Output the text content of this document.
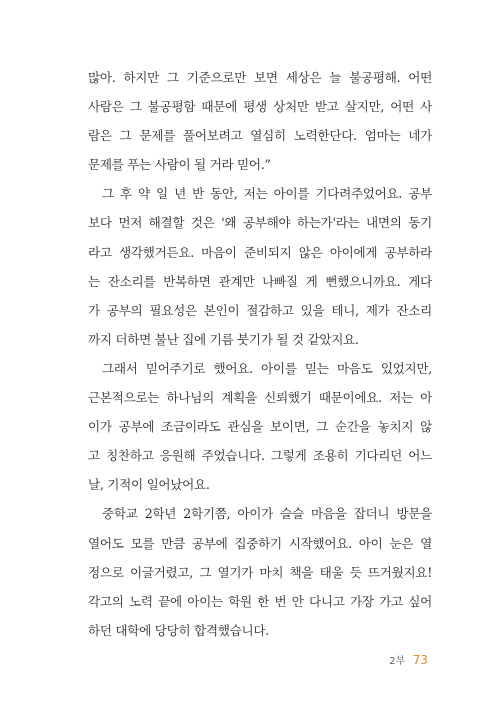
많아. 하지만 그 기준으로만 보면 세상은 늘 불공평해. 어떤
사람은 그 불공평함 때문에 평생 상처만 받고 살지만, 어떤 사
람은 그 문제를 풀어보려고 열심히 노력한단다. 엄마는 네가
문제를 푸는 사람이 될 거라 믿어.”
그 후 약 일 년 반 동안, 저는 아이를 기다려주었어요. 공부
보다 먼저 해결할 것은 '왜 공부해야 하는가'라는 내면의 동기
라고 생각했거든요. 마음이 준비되지 않은 아이에게 공부하라
는 잔소리를 반복하면 관계만 나빠질 게 뻔했으니까요. 게다
가 공부의 필요성은 본인이 절감하고 있을 테니, 제가 잔소리
까지 더하면 불난 집에 기름 붓기가 될 것 같았지요.
그래서 믿어주기로 했어요. 아이를 믿는 마음도 있었지만,
근본적으로는 하나님의 계획을 신뢰했기 때문이에요. 저는 아
이가 공부에 조금이라도 관심을 보이면, 그 순간을 놓치지 않
고 칭찬하고 응원해 주었습니다. 그렇게 조용히 기다리던 어느
날, 기적이 일어났어요.
중학교 2학년 2학기쯤, 아이가 슬슬 마음을 잡더니 방문을
열어도 모를 만큼 공부에 집중하기 시작했어요. 아이 눈은 열
정으로 이글거렸고, 그 열기가 마치 책을 태울 듯 뜨거웠지요!
각고의 노력 끝에 아이는 학원 한 번 안 다니고 가장 가고 싶어
하던 대학에 당당히 합격했습니다.
2부 73
